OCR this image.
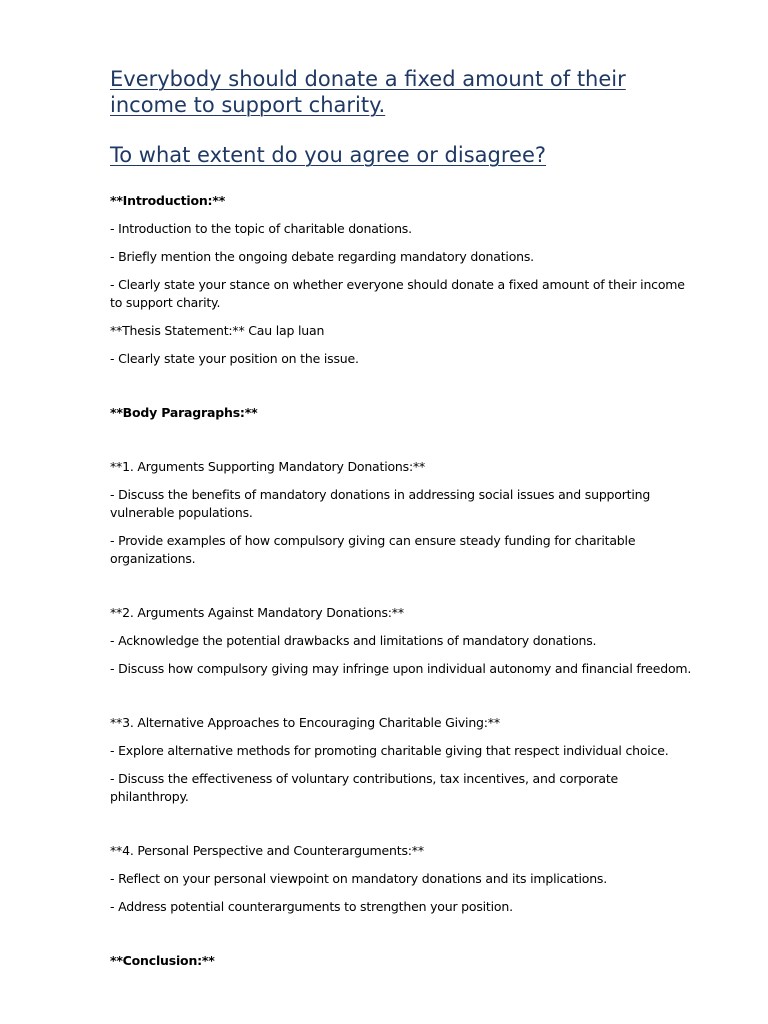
Everybody should donate a fixed amount of their income to support charity.
To what extent do you agree or disagree?

**Introduction:**

- Introduction to the topic of charitable donations.

- Briefly mention the ongoing debate regarding mandatory donations.

- Clearly state your stance on whether everyone should donate a fixed amount of their income to support charity.

**Thesis Statement:** Cau lap luan

- Clearly state your position on the issue.

**Body Paragraphs:**

**1. Arguments Supporting Mandatory Donations:**

- Discuss the benefits of mandatory donations in addressing social issues and supporting vulnerable populations.

- Provide examples of how compulsory giving can ensure steady funding for charitable organizations.

**2. Arguments Against Mandatory Donations:**

- Acknowledge the potential drawbacks and limitations of mandatory donations.

- Discuss how compulsory giving may infringe upon individual autonomy and financial freedom.

**3. Alternative Approaches to Encouraging Charitable Giving:**

- Explore alternative methods for promoting charitable giving that respect individual choice.

- Discuss the effectiveness of voluntary contributions, tax incentives, and corporate philanthropy.

**4. Personal Perspective and Counterarguments:**

- Reflect on your personal viewpoint on mandatory donations and its implications.

- Address potential counterarguments to strengthen your position.

**Conclusion:**
